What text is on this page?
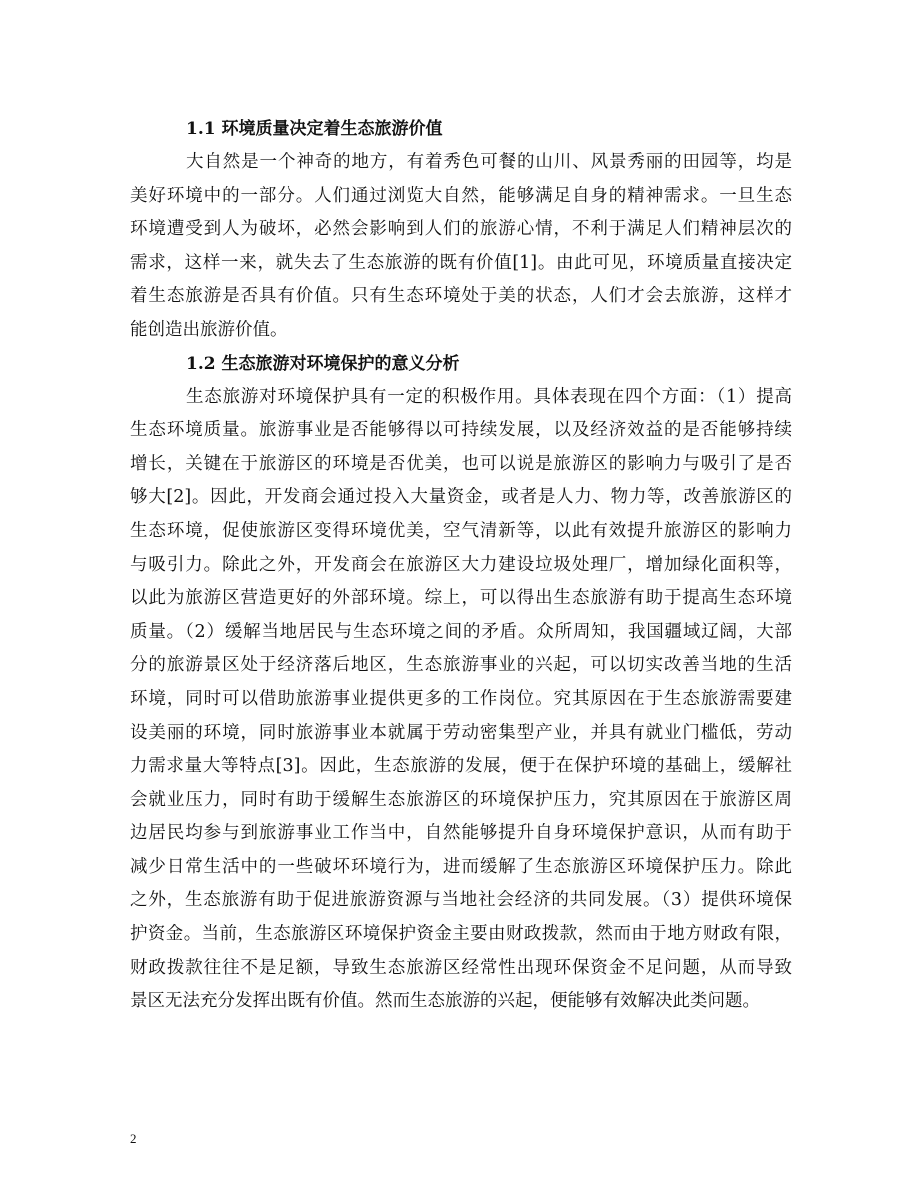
1.1 环境质量决定着生态旅游价值

大自然是一个神奇的地方，有着秀色可餐的山川、风景秀丽的田园等，均是
美好环境中的一部分。人们通过浏览大自然，能够满足自身的精神需求。一旦生态
环境遭受到人为破坏，必然会影响到人们的旅游心情，不利于满足人们精神层次的
需求，这样一来，就失去了生态旅游的既有价值[1]。由此可见，环境质量直接决定
着生态旅游是否具有价值。只有生态环境处于美的状态，人们才会去旅游，这样才
能创造出旅游价值。

1.2 生态旅游对环境保护的意义分析

生态旅游对环境保护具有一定的积极作用。具体表现在四个方面：（1）提高
生态环境质量。旅游事业是否能够得以可持续发展，以及经济效益的是否能够持续
增长，关键在于旅游区的环境是否优美，也可以说是旅游区的影响力与吸引了是否
够大[2]。因此，开发商会通过投入大量资金，或者是人力、物力等，改善旅游区的
生态环境，促使旅游区变得环境优美，空气清新等，以此有效提升旅游区的影响力
与吸引力。除此之外，开发商会在旅游区大力建设垃圾处理厂，增加绿化面积等，
以此为旅游区营造更好的外部环境。综上，可以得出生态旅游有助于提高生态环境
质量。（2）缓解当地居民与生态环境之间的矛盾。众所周知，我国疆域辽阔，大部
分的旅游景区处于经济落后地区，生态旅游事业的兴起，可以切实改善当地的生活
环境，同时可以借助旅游事业提供更多的工作岗位。究其原因在于生态旅游需要建
设美丽的环境，同时旅游事业本就属于劳动密集型产业，并具有就业门槛低，劳动
力需求量大等特点[3]。因此，生态旅游的发展，便于在保护环境的基础上，缓解社
会就业压力，同时有助于缓解生态旅游区的环境保护压力，究其原因在于旅游区周
边居民均参与到旅游事业工作当中，自然能够提升自身环境保护意识，从而有助于
减少日常生活中的一些破坏环境行为，进而缓解了生态旅游区环境保护压力。除此
之外，生态旅游有助于促进旅游资源与当地社会经济的共同发展。（3）提供环境保
护资金。当前，生态旅游区环境保护资金主要由财政拨款，然而由于地方财政有限，
财政拨款往往不是足额，导致生态旅游区经常性出现环保资金不足问题，从而导致
景区无法充分发挥出既有价值。然而生态旅游的兴起，便能够有效解决此类问题。

2
